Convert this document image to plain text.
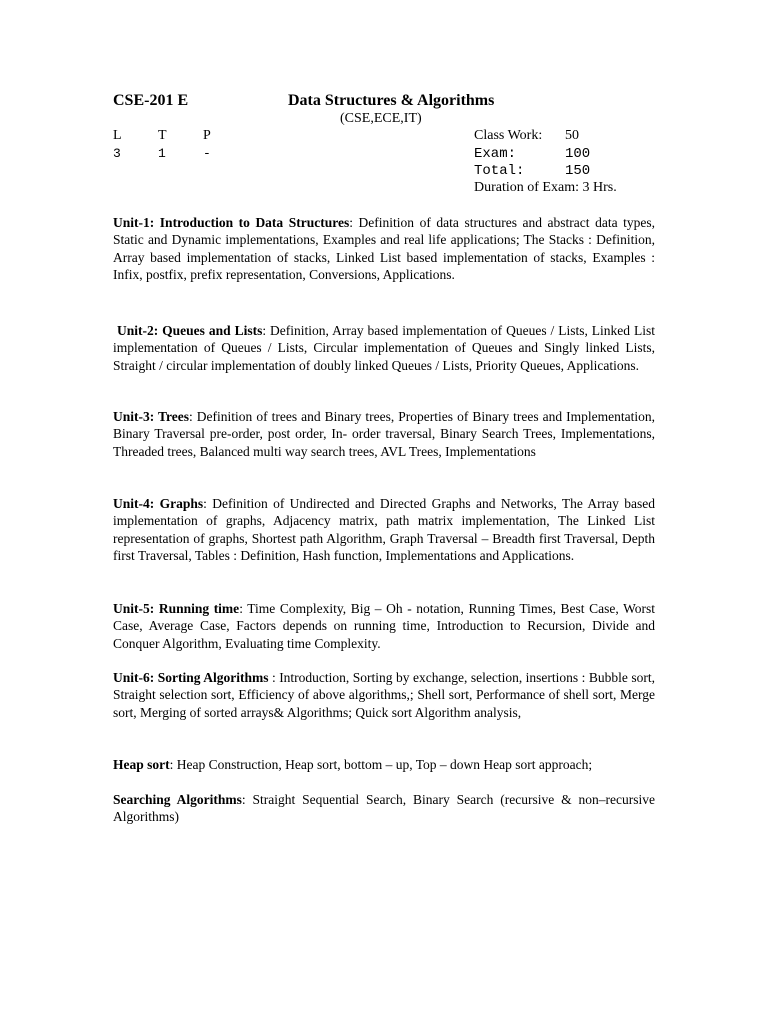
CSE-201 E	Data Structures & Algorithms
(CSE,ECE,IT)
L	T	P
3	1	-
Class Work: 50
Exam:	100
Total:	150
Duration of Exam: 3 Hrs.
Unit-1: Introduction to Data Structures: Definition of data structures and abstract data types, Static and Dynamic implementations, Examples and real life applications; The Stacks : Definition, Array based implementation of stacks, Linked List based implementation of stacks, Examples : Infix, postfix, prefix representation, Conversions, Applications.
Unit-2: Queues and Lists: Definition, Array based implementation of Queues / Lists, Linked List implementation of Queues / Lists, Circular implementation of Queues and Singly linked Lists, Straight / circular implementation of doubly linked Queues / Lists, Priority Queues, Applications.
Unit-3: Trees: Definition of trees and Binary trees, Properties of Binary trees and Implementation, Binary Traversal pre-order, post order, In- order traversal, Binary Search Trees, Implementations, Threaded trees, Balanced multi way search trees, AVL Trees, Implementations
Unit-4: Graphs: Definition of Undirected and Directed Graphs and Networks, The Array based implementation of graphs, Adjacency matrix, path matrix implementation, The Linked List representation of graphs, Shortest path Algorithm, Graph Traversal – Breadth first Traversal, Depth first Traversal, Tables : Definition, Hash function, Implementations and Applications.
Unit-5: Running time: Time Complexity, Big – Oh - notation, Running Times, Best Case, Worst Case, Average Case, Factors depends on running time, Introduction to Recursion, Divide and Conquer Algorithm, Evaluating time Complexity.
Unit-6: Sorting Algorithms : Introduction, Sorting by exchange, selection, insertions : Bubble sort, Straight selection sort, Efficiency of above algorithms,; Shell sort, Performance of shell sort, Merge sort, Merging of sorted arrays& Algorithms; Quick sort Algorithm analysis,
Heap sort: Heap Construction, Heap sort, bottom – up, Top – down Heap sort approach;
Searching Algorithms: Straight Sequential Search, Binary Search (recursive & non–recursive Algorithms)
